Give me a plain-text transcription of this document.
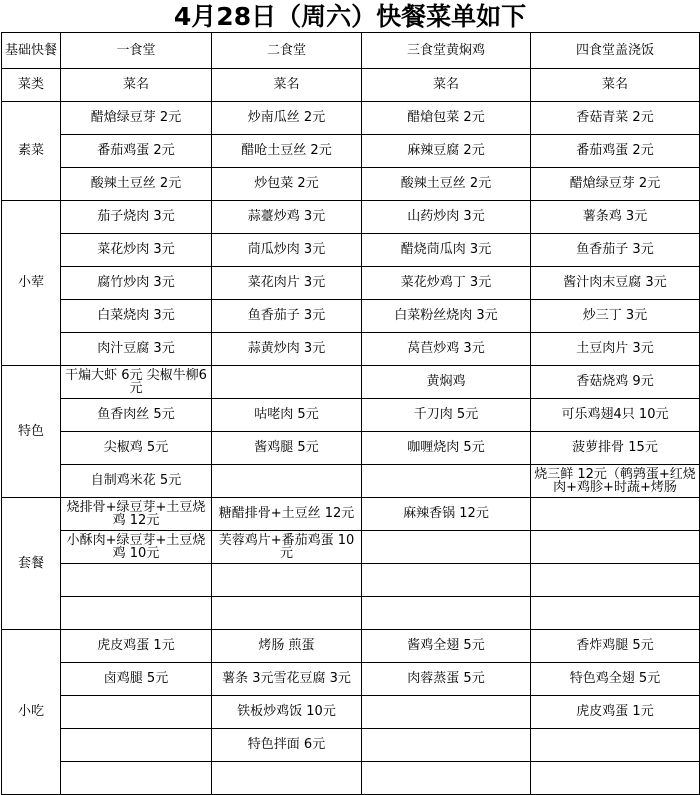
4月28日（周六）快餐菜单如下
基础快餐	一食堂	二食堂	三食堂黄焖鸡	四食堂盖浇饭
菜类	菜名	菜名	菜名	菜名
素菜	醋熗绿豆芽 2元	炒南瓜丝 2元	醋熗包菜 2元	香菇青菜 2元
	番茄鸡蛋 2元	醋呛土豆丝 2元	麻辣豆腐 2元	番茄鸡蛋 2元
	酸辣土豆丝 2元	炒包菜 2元	酸辣土豆丝 2元	醋熗绿豆芽 2元
小荤	茄子烧肉 3元	蒜薹炒鸡 3元	山药炒肉 3元	薯条鸡 3元
	菜花炒肉 3元	茼瓜炒肉 3元	醋烧茼瓜肉 3元	鱼香茄子 3元
	腐竹炒肉 3元	菜花肉片 3元	菜花炒鸡丁 3元	酱汁肉末豆腐 3元
	白菜烧肉 3元	鱼香茄子 3元	白菜粉丝烧肉 3元	炒三丁 3元
	肉汁豆腐 3元	蒜黄炒肉 3元	莴苣炒鸡 3元	土豆肉片 3元
特色	干煸大虾 6元 尖椒牛柳6元		黄焖鸡	香菇烧鸡 9元
	鱼香肉丝 5元	咕咾肉 5元	千刀肉 5元	可乐鸡翅4只 10元
	尖椒鸡 5元	酱鸡腿 5元	咖喱烧肉 5元	菠萝排骨 15元
	自制鸡米花 5元			烧三鲜 12元（鹌鹑蛋+红烧肉+鸡胗+时蔬+烤肠
套餐	烧排骨+绿豆芽+土豆烧鸡 12元	糖醋排骨+土豆丝 12元	麻辣香锅 12元	
	小酥肉+绿豆芽+土豆烧鸡 10元	芙蓉鸡片+番茄鸡蛋 10元		

小吃	虎皮鸡蛋 1元	烤肠 煎蛋	酱鸡全翅 5元	香炸鸡腿 5元
	卤鸡腿 5元	薯条 3元雪花豆腐 3元	肉蓉蒸蛋 5元	特色鸡全翅 5元
		铁板炒鸡饭 10元		虎皮鸡蛋 1元
		特色拌面 6元		
